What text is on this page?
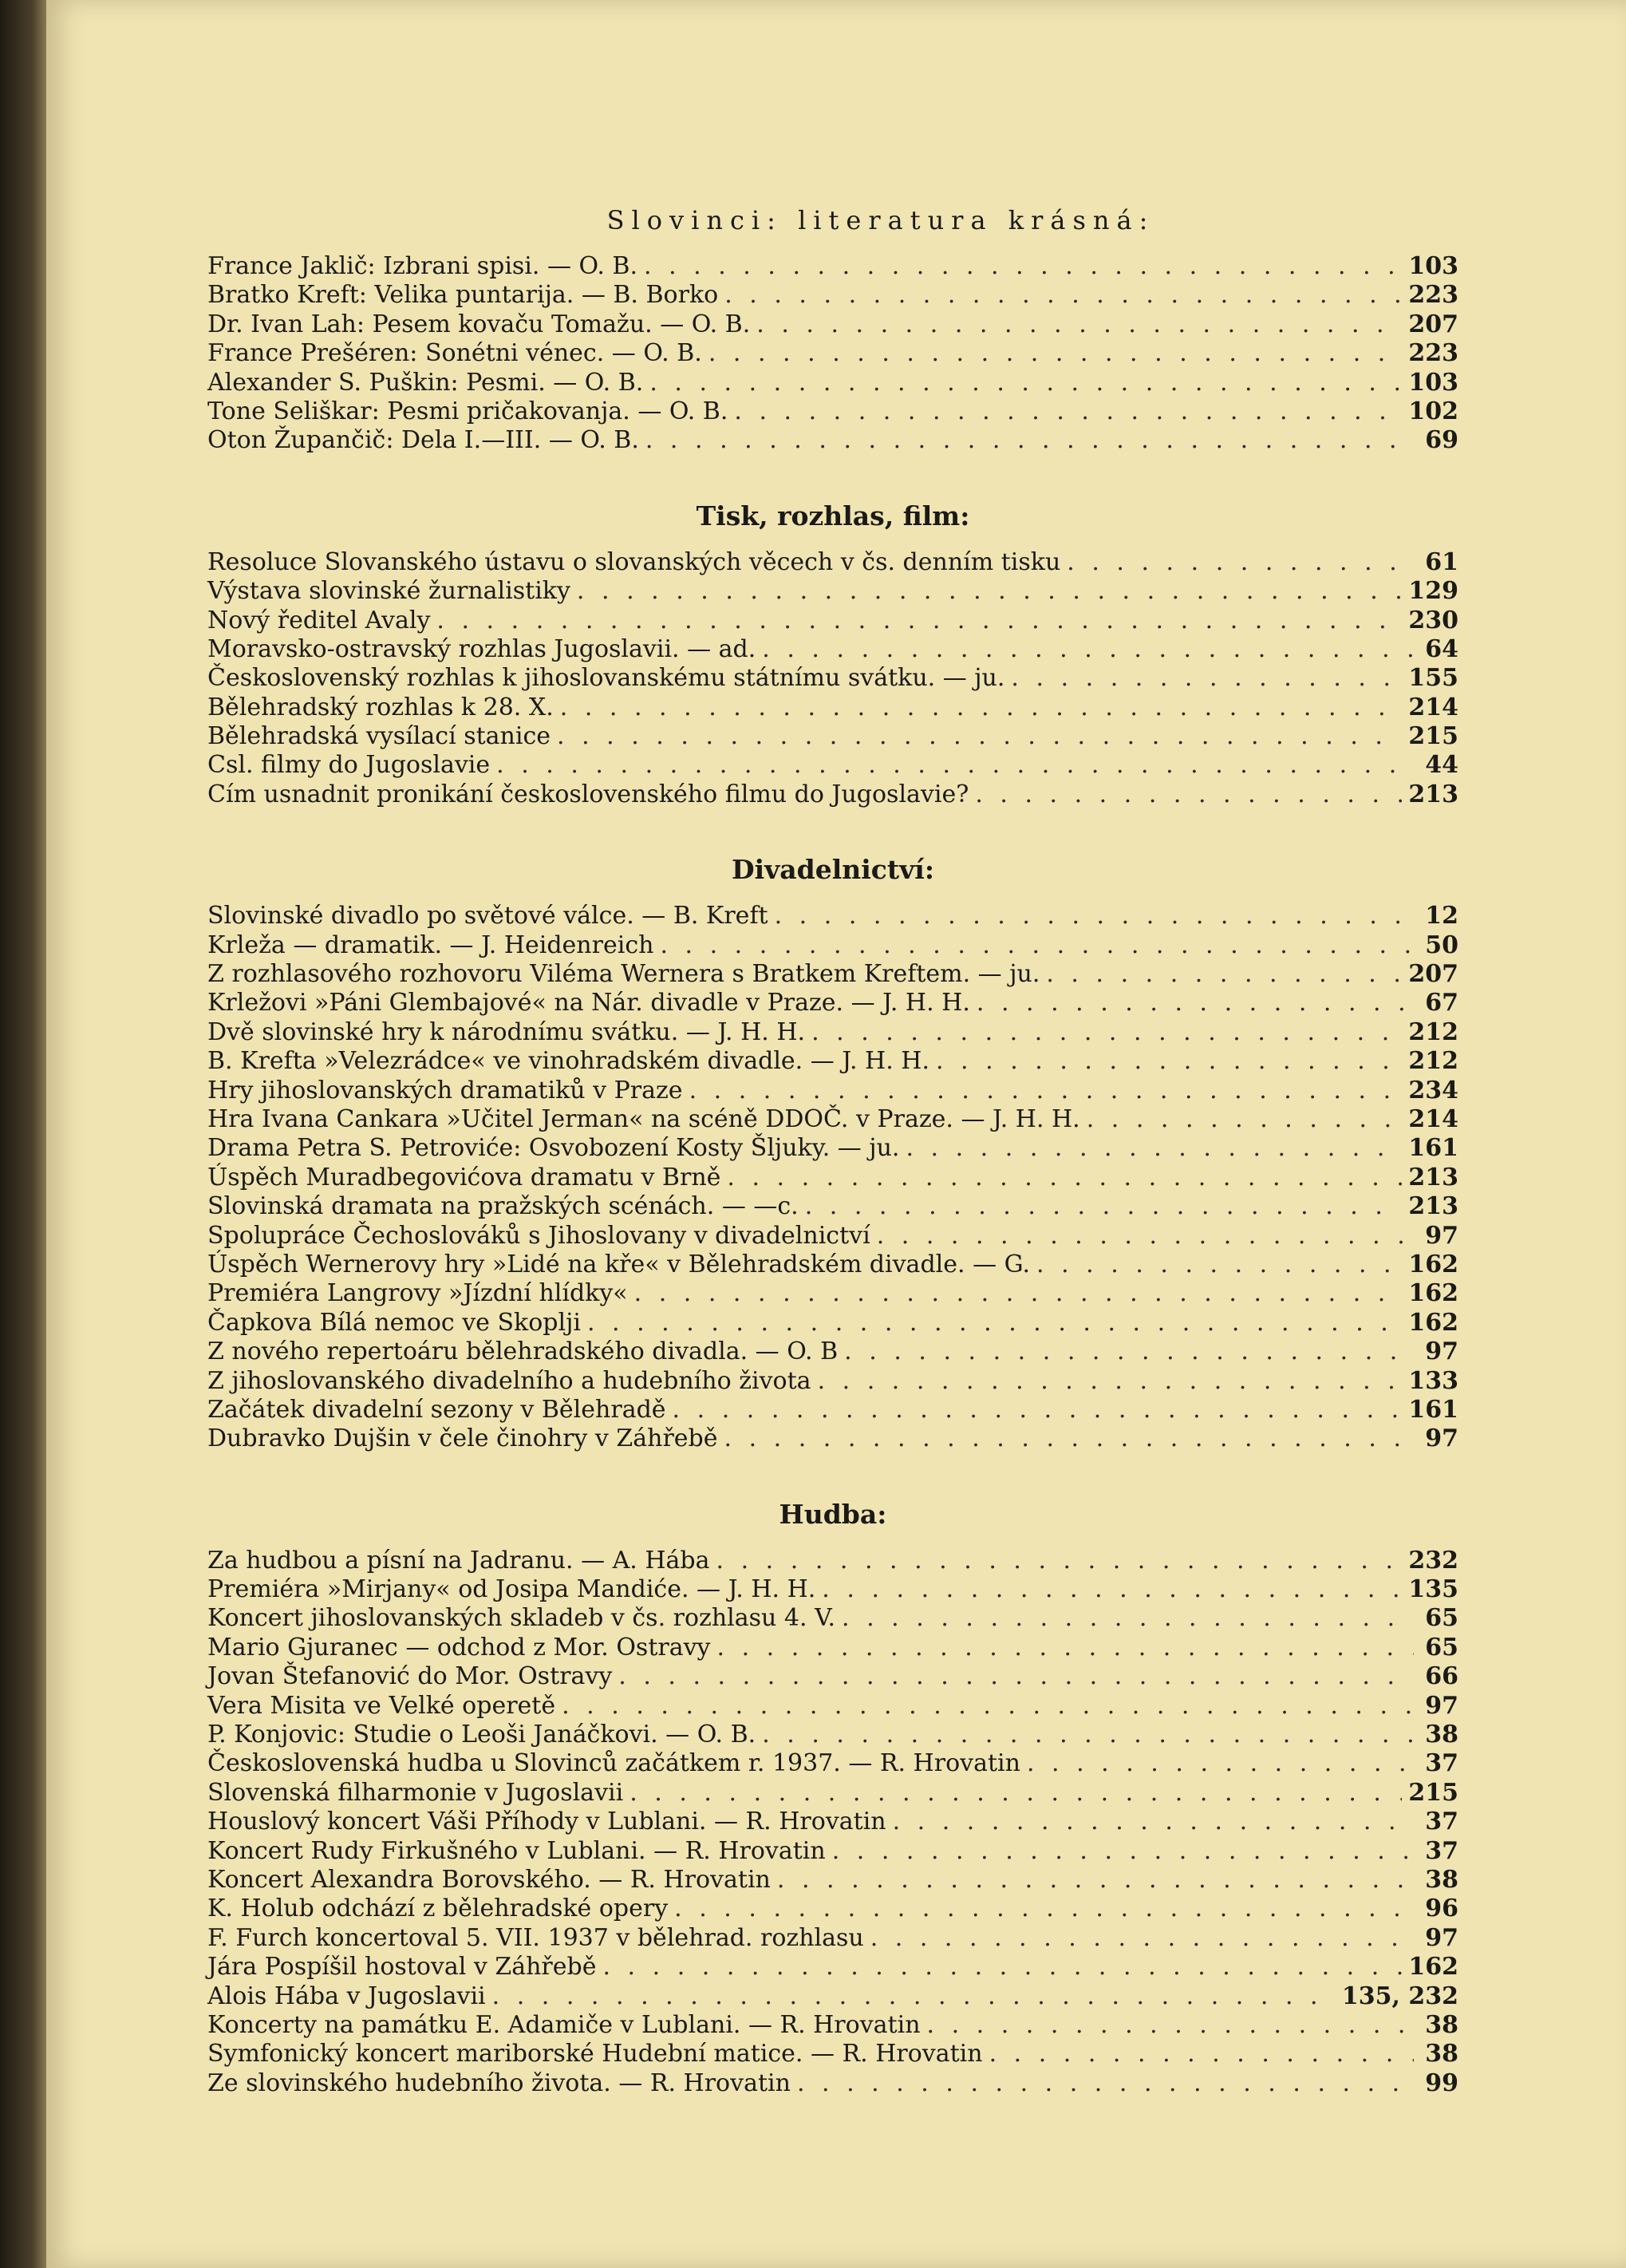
Slovinci: literatura krásná:
France Jaklič: Izbrani spisi. — O. B. . . .	103
Bratko Kreft: Velika puntarija. — B. Borko . . .	223
Dr. Ivan Lah: Pesem kovaču Tomažu. — O. B. . . .	207
France Prešéren: Sonétni vénec. — O. B. . . .	223
Alexander S. Puškin: Pesmi. — O. B. . . .	103
Tone Seliškar: Pesmi pričakovanja. — O. B. . . .	102
Oton Župančič: Dela I.—III. — O. B. . . .	69
Tisk, rozhlas, film:
Resoluce Slovanského ústavu o slovanských věcech v čs. denním tisku . . .	61
Výstava slovinské žurnalistiky . . .	129
Nový ředitel Avaly . . .	230
Moravsko-ostravský rozhlas Jugoslavii. — ad. . . .	64
Československý rozhlas k jihoslovanskému státnímu svátku. — ju. . . .	155
Bělehradský rozhlas k 28. X. . . .	214
Bělehradská vysílací stanice . . .	215
Csl. filmy do Jugoslavie . . .	44
Cím usnadnit pronikání československého filmu do Jugoslavie? . . .	213
Divadelnictví:
Slovinské divadlo po světové válce. — B. Kreft . . .	12
Krleža — dramatik. — J. Heidenreich . . .	50
Z rozhlasového rozhovoru Viléma Wernera s Bratkem Kreftem. — ju. . . .	207
Krležovi »Páni Glembajové« na Nár. divadle v Praze. — J. H. H. . . .	67
Dvě slovinské hry k národnímu svátku. — J. H. H. . . .	212
B. Krefta »Velezrádce« ve vinohradském divadle. — J. H. H. . . .	212
Hry jihoslovanských dramatiků v Praze . . .	234
Hra Ivana Cankara »Učitel Jerman« na scéně DDOČ. v Praze. — J. H. H. . . .	214
Drama Petra S. Petroviće: Osvobození Kosty Šljuky. — ju. . . .	161
Úspěch Muradbegovićova dramatu v Brně . . .	213
Slovinská dramata na pražských scénách. — —c. . . .	213
Spolupráce Čechoslováků s Jihoslovany v divadelnictví . . .	97
Úspěch Wernerovy hry »Lidé na kře« v Bělehradském divadle. — G. . . .	162
Premiéra Langrovy »Jízdní hlídky« . . .	162
Čapkova Bílá nemoc ve Skoplji . . .	162
Z nového repertoáru bělehradského divadla. — O. B . . .	97
Z jihoslovanského divadelního a hudebního života . . .	133
Začátek divadelní sezony v Bělehradě . . .	161
Dubravko Dujšin v čele činohry v Záhřebě . . .	97
Hudba:
Za hudbou a písní na Jadranu. — A. Hába . . .	232
Premiéra »Mirjany« od Josipa Mandiće. — J. H. H. . . .	135
Koncert jihoslovanských skladeb v čs. rozhlasu 4. V. . . .	65
Mario Gjuranec — odchod z Mor. Ostravy . . .	65
Jovan Štefanović do Mor. Ostravy . . .	66
Vera Misita ve Velké operetě . . .	97
P. Konjovic: Studie o Leoši Janáčkovi. — O. B. . . .	38
Československá hudba u Slovinců začátkem r. 1937. — R. Hrovatin . . .	37
Slovenská filharmonie v Jugoslavii . . .	215
Houslový koncert Váši Příhody v Lublani. — R. Hrovatin . . .	37
Koncert Rudy Firkušného v Lublani. — R. Hrovatin . . .	37
Koncert Alexandra Borovského. — R. Hrovatin . . .	38
K. Holub odchází z bělehradské opery . . .	96
F. Furch koncertoval 5. VII. 1937 v bělehrad. rozhlasu . . .	97
Jára Pospíšil hostoval v Záhřebě . . .	162
Alois Hába v Jugoslavii . . .	135, 232
Koncerty na památku E. Adamiče v Lublani. — R. Hrovatin . . .	38
Symfonický koncert mariborské Hudební matice. — R. Hrovatin . . .	38
Ze slovinského hudebního života. — R. Hrovatin . . .	99
